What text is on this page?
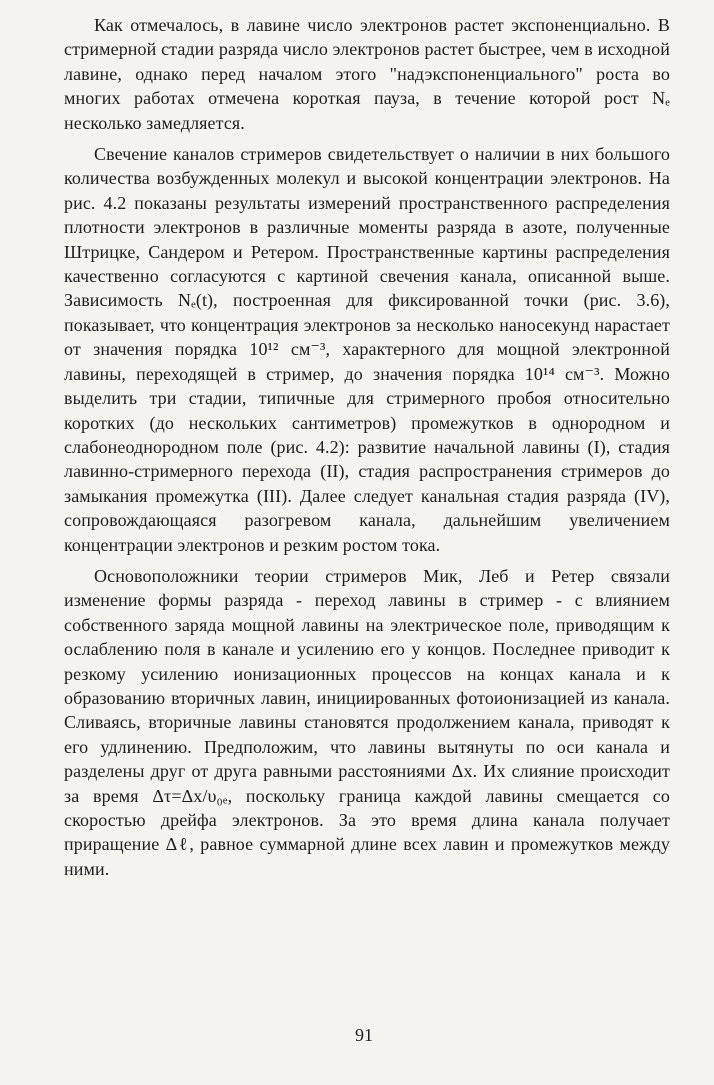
Как отмечалось, в лавине число электронов растет экспоненциально. В стримерной стадии разряда число электронов растет быстрее, чем в исходной лавине, однако перед началом этого "надэкспоненциального" роста во многих работах отмечена короткая пауза, в течение которой рост Nₑ несколько замедляется.

Свечение каналов стримеров свидетельствует о наличии в них большого количества возбужденных молекул и высокой концентрации электронов. На рис. 4.2 показаны результаты измерений пространственного распределения плотности электронов в различные моменты разряда в азоте, полученные Штрицке, Сандером и Ретером. Пространственные картины распределения качественно согласуются с картиной свечения канала, описанной выше. Зависимость Nₑ(t), построенная для фиксированной точки (рис. 3.6), показывает, что концентрация электронов за несколько наносекунд нарастает от значения порядка 10¹² см⁻³, характерного для мощной электронной лавины, переходящей в стример, до значения порядка 10¹⁴ см⁻³. Можно выделить три стадии, типичные для стримерного пробоя относительно коротких (до нескольких сантиметров) промежутков в однородном и слабонеоднородном поле (рис. 4.2): развитие начальной лавины (I), стадия лавинно-стримерного перехода (II), стадия распространения стримеров до замыкания промежутка (III). Далее следует канальная стадия разряда (IV), сопровождающаяся разогревом канала, дальнейшим увеличением концентрации электронов и резким ростом тока.

Основоположники теории стримеров Мик, Леб и Ретер связали изменение формы разряда - переход лавины в стример - с влиянием собственного заряда мощной лавины на электрическое поле, приводящим к ослаблению поля в канале и усилению его у концов. Последнее приводит к резкому усилению ионизационных процессов на концах канала и к образованию вторичных лавин, инициированных фотоионизацией из канала. Сливаясь, вторичные лавины становятся продолжением канала, приводят к его удлинению. Предположим, что лавины вытянуты по оси канала и разделены друг от друга равными расстояниями Δx. Их слияние происходит за время Δτ=Δx/υ₀ₑ, поскольку граница каждой лавины смещается со скоростью дрейфа электронов. За это время длина канала получает приращение Δℓ, равное суммарной длине всех лавин и промежутков между ними.

91
